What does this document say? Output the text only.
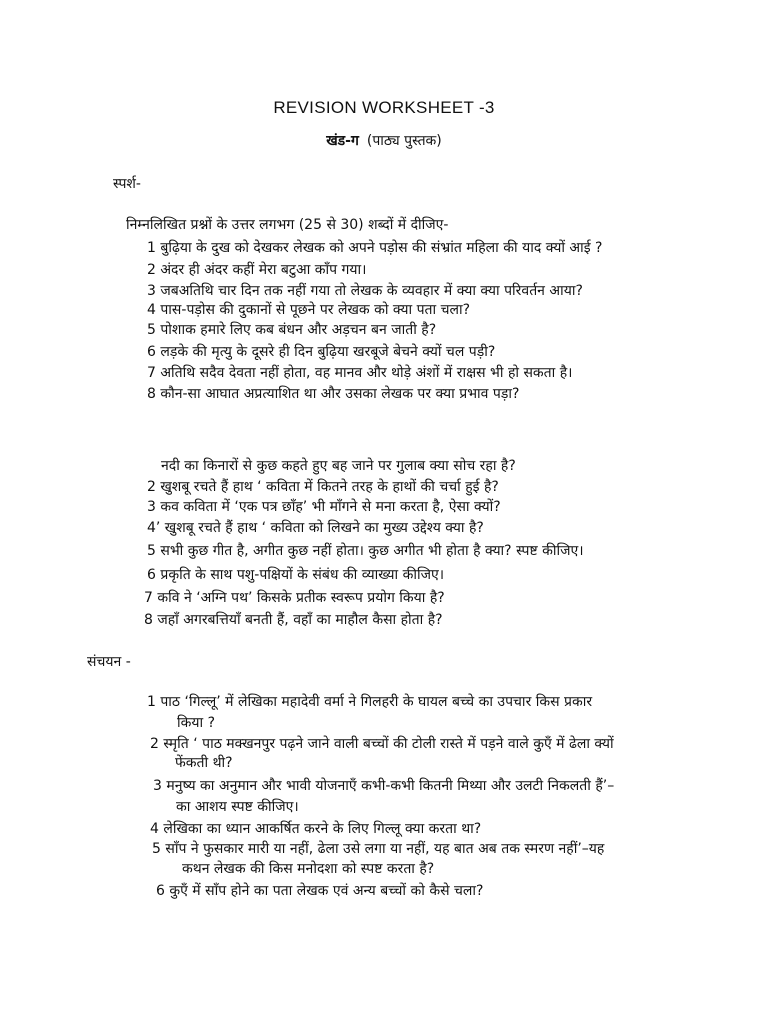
REVISION WORKSHEET -3
खंड-ग (पाठ्य पुस्तक)
स्पर्श-
निम्नलिखित प्रश्नों के उत्तर लगभग (25 से 30) शब्दों में दीजिए-
1 बुढ़िया के दुख को देखकर लेखक को अपने पड़ोस की संभ्रांत महिला की याद क्यों आई ?
2 अंदर ही अंदर कहीं मेरा बटुआ काँप गया।
3 जबअतिथि चार दिन तक नहीं गया तो लेखक के व्यवहार में क्या क्या परिवर्तन आया?
4 पास-पड़ोस की दुकानों से पूछने पर लेखक को क्या पता चला?
5 पोशाक हमारे लिए कब बंधन और अड़चन बन जाती है?
6 लड़के की मृत्यु के दूसरे ही दिन बुढ़िया खरबूजे बेचने क्यों चल पड़ी?
7 अतिथि सदैव देवता नहीं होता, वह मानव और थोड़े अंशों में राक्षस भी हो सकता है।
8 कौन-सा आघात अप्रत्याशित था और उसका लेखक पर क्या प्रभाव पड़ा?
नदी का किनारों से कुछ कहते हुए बह जाने पर गुलाब क्या सोच रहा है?
2 खुशबू रचते हैं हाथ ‘ कविता में कितने तरह के हाथों की चर्चा हुई है?
3 कव कविता में ‘एक पत्र छाँह’ भी माँगने से मना करता है, ऐसा क्यों?
4’ खुशबू रचते हैं हाथ ‘ कविता को लिखने का मुख्य उद्देश्य क्या है?
5 सभी कुछ गीत है, अगीत कुछ नहीं होता। कुछ अगीत भी होता है क्या? स्पष्ट कीजिए।
6 प्रकृति के साथ पशु-पक्षियों के संबंध की व्याख्या कीजिए।
7 कवि ने ‘अग्नि पथ’ किसके प्रतीक स्वरूप प्रयोग किया है?
8 जहाँ अगरबत्तियाँ बनती हैं, वहाँ का माहौल कैसा होता है?
संचयन -
1 पाठ ‘गिल्लू’ में लेखिका महादेवी वर्मा ने गिलहरी के घायल बच्चे का उपचार किस प्रकार
किया ?
2 स्मृति ‘ पाठ मक्खनपुर पढ़ने जाने वाली बच्चों की टोली रास्ते में पड़ने वाले कुएँ में ढेला क्यों
फेंकती थी?
3 मनुष्य का अनुमान और भावी योजनाएँ कभी-कभी कितनी मिथ्या और उलटी निकलती हैं’–
का आशय स्पष्ट कीजिए।
4 लेखिका का ध्यान आकर्षित करने के लिए गिल्लू क्या करता था?
5 साँप ने फुसकार मारी या नहीं, ढेला उसे लगा या नहीं, यह बात अब तक स्मरण नहीं’–यह
कथन लेखक की किस मनोदशा को स्पष्ट करता है?
6 कुएँ में साँप होने का पता लेखक एवं अन्य बच्चों को कैसे चला?
